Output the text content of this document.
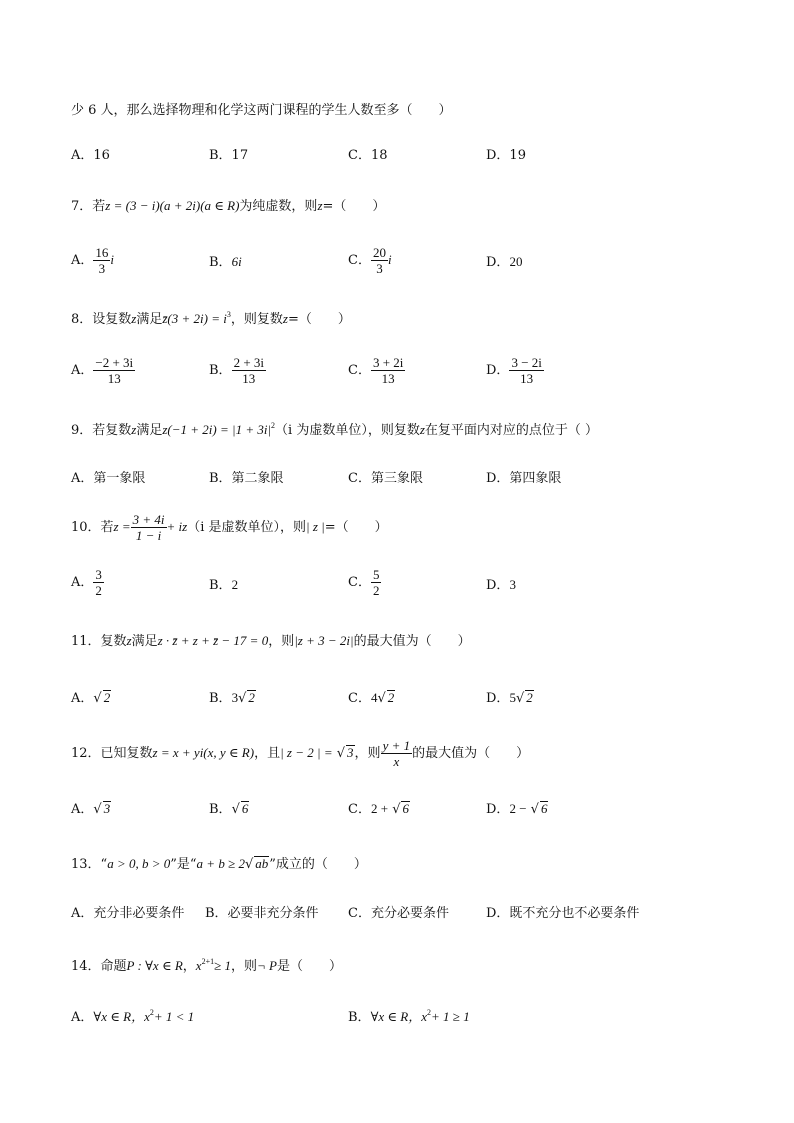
少 6 人，那么选择物理和化学这两门课程的学生人数至多（　　）
A．16	B．17	C．18	D．19
7．若z = (3 − i)(a + 2i)(a ∈ R)为纯虚数，则z=（　　）
A． $\frac{16}{3}$ i	B．6i	C． $\frac{20}{3}$ i	D．20
8．设复数z满足z̄(3 + $2i) = i^3$，则复数z=（　　）
A． $\frac{-2 + 3i}{13}$	B． $\frac{2 + 3i}{13}$	C． $\frac{3 + 2i}{13}$	D． $\frac{3 - 2i}{13}$
9．若复数z满足$z(-1 + 2i) = |1 + 3i|^2(i$ 为虚数单位），则复数z在复平面内对应的点位于（ ）
A．第一象限	B．第二象限	C．第三象限	D．第四象限
10．若$z = \frac{3 + 4i}{1 - i} + iz(i$ 是虚数单位），则| z |=（　　）
A． $\frac{3}{2}$	B．2	C． $\frac{5}{2}$	D．3
11．复数z满足z · z̄ + z + z̄ − 17 = 0，则|z + 3 − 2i|的最大值为（　　）
A．√ 2	B．3√ 2	C．4√ 2	D．5√ 2
12．已知复数z = x + yi(x, y ∈ R)，且| z − 2 | = √ 3，则 $\frac{y + 1}{x}$ 的最大值为（　　）
A．√ 3	B．√ 6	C．2 + √ 6	D．2 − √ 6
13．“a > 0, b > 0”是“a + b ≥ 2√ ab”成立的（　　）
A．充分非必要条件 B．必要非充分条件 C．充分必要条件	D．既不充分也不必要条件
14．命题P : ∀x ∈ R，$x^{2+1}\ge 1$，则¬ P是（　　）
A．∀x ∈ R，$x^2+ 1 < 1$	B．∀x ∈ R，$x^2+ 1 \ge 1$
